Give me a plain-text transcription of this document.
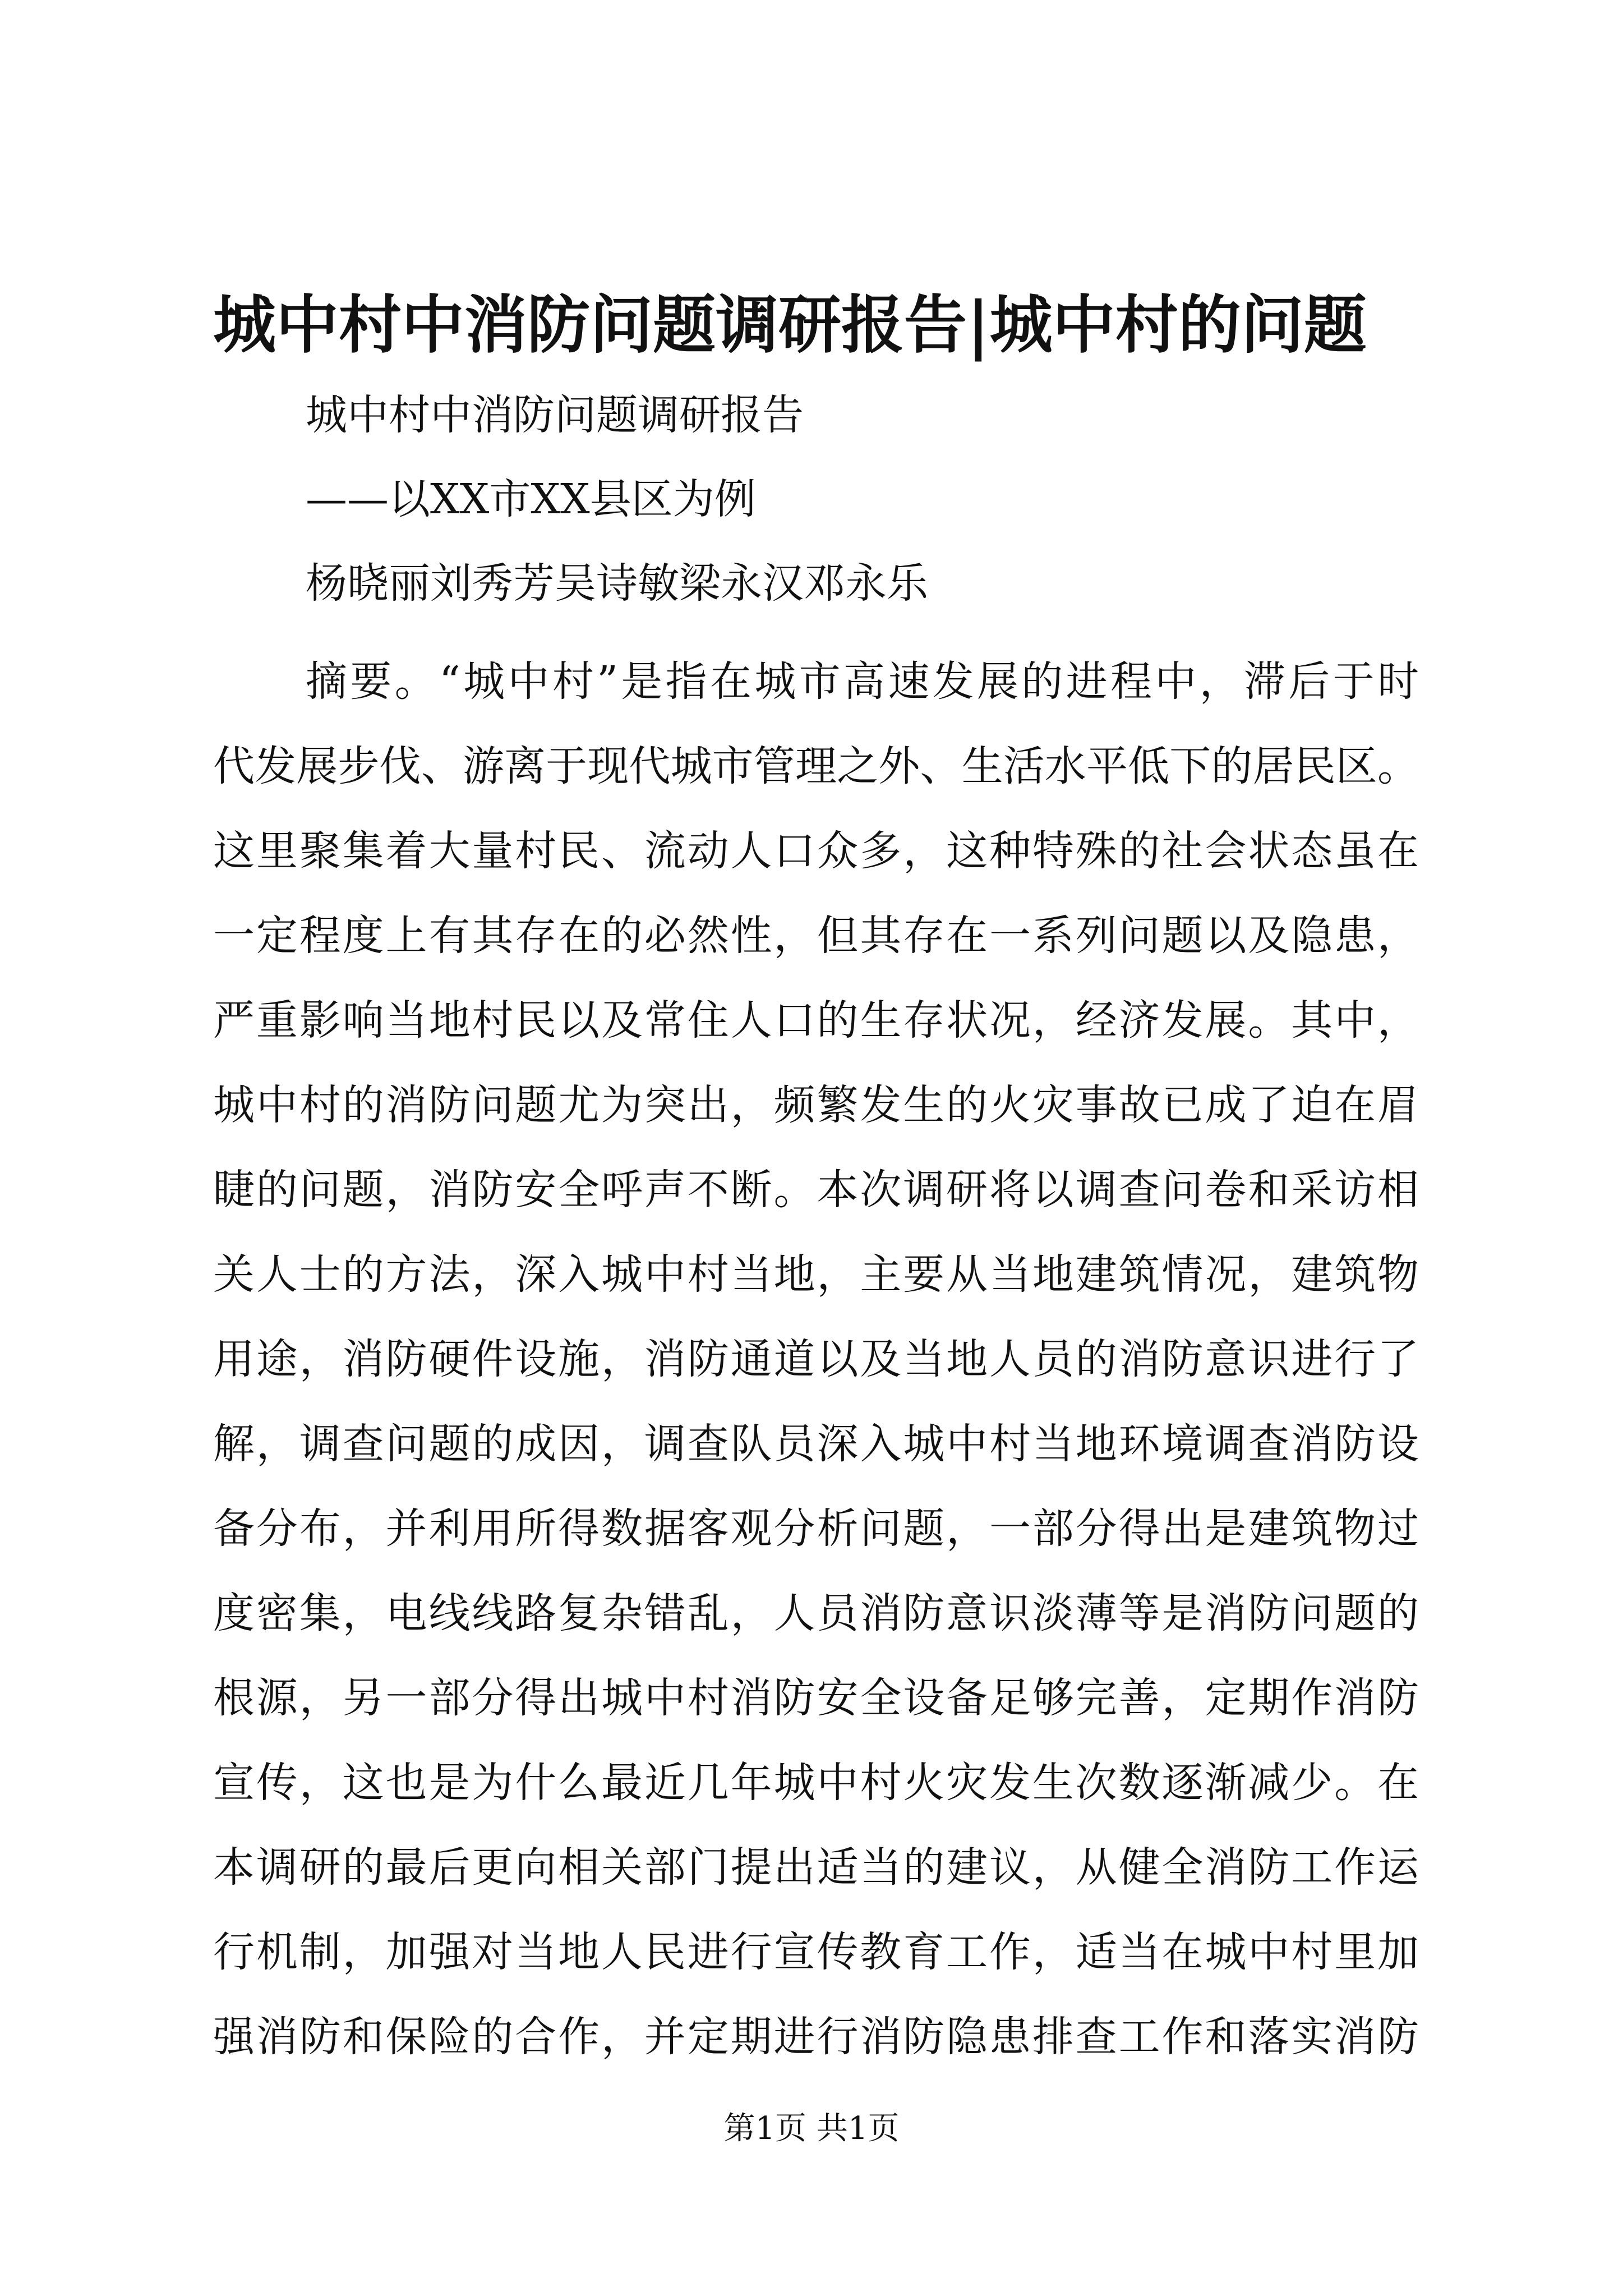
城中村中消防问题调研报告|城中村的问题
城中村中消防问题调研报告
——以XX市XX县区为例
杨晓丽刘秀芳吴诗敏梁永汉邓永乐
摘要。“城中村”是指在城市高速发展的进程中，滞后于时
代发展步伐、游离于现代城市管理之外、生活水平低下的居民区。
这里聚集着大量村民、流动人口众多，这种特殊的社会状态虽在
一定程度上有其存在的必然性，但其存在一系列问题以及隐患，
严重影响当地村民以及常住人口的生存状况，经济发展。其中，
城中村的消防问题尤为突出，频繁发生的火灾事故已成了迫在眉
睫的问题，消防安全呼声不断。本次调研将以调查问卷和采访相
关人士的方法，深入城中村当地，主要从当地建筑情况，建筑物
用途，消防硬件设施，消防通道以及当地人员的消防意识进行了
解，调查问题的成因，调查队员深入城中村当地环境调查消防设
备分布，并利用所得数据客观分析问题，一部分得出是建筑物过
度密集，电线线路复杂错乱，人员消防意识淡薄等是消防问题的
根源，另一部分得出城中村消防安全设备足够完善，定期作消防
宣传，这也是为什么最近几年城中村火灾发生次数逐渐减少。在
本调研的最后更向相关部门提出适当的建议，从健全消防工作运
行机制，加强对当地人民进行宣传教育工作，适当在城中村里加
强消防和保险的合作，并定期进行消防隐患排查工作和落实消防
第1页 共1页
